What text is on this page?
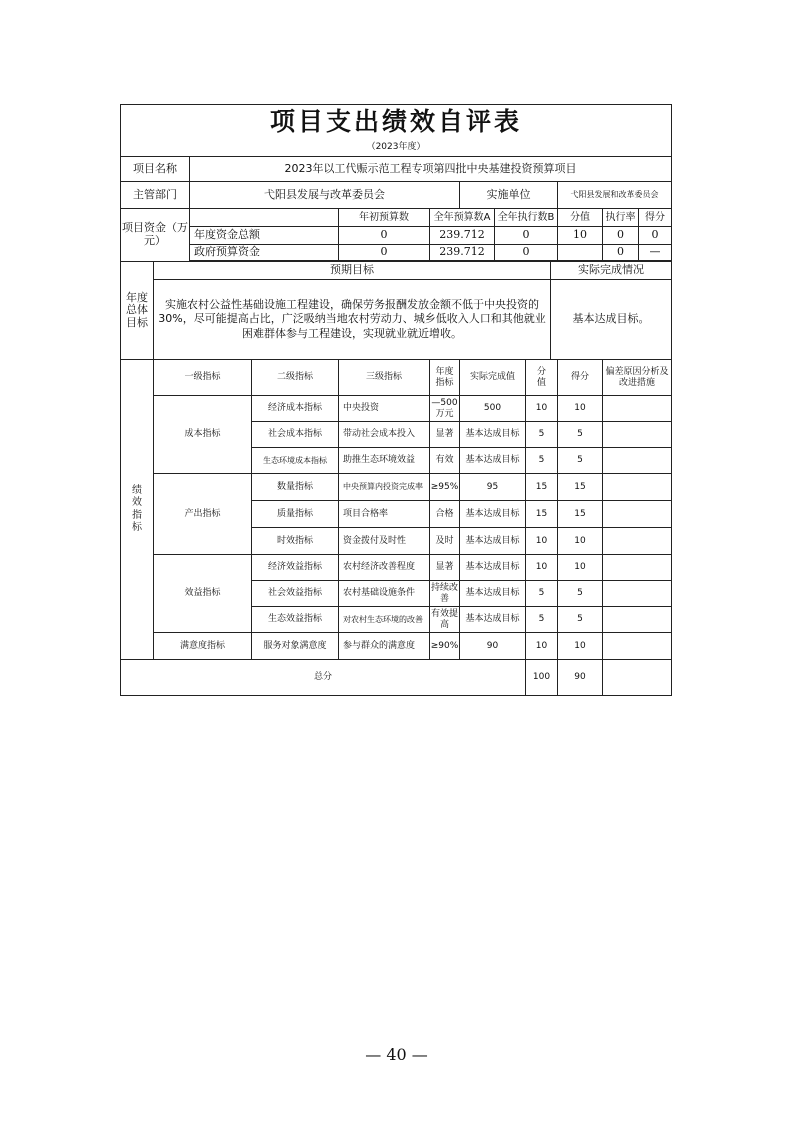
项目支出绩效自评表												
（2023年度）												
项目名称		2023年以工代赈示范工程专项第四批中央基建投资预算项目										
主管部门		弋阳县发展与改革委员会				实施单位				弋阳县发展和改革委员会		
项目资金（万元）				年初预算数	全年预算数A		全年执行数B			分值	执行率	得分
		年度资金总额		0	239.712		0			10	0	0
		政府预算资金		0	239.712		0				0	—

年度总体目标	预期目标								实际完成情况			
	实施农村公益性基础设施工程建设，确保劳务报酬发放金额不低于中央投资的30%，尽可能提高占比，广泛吸纳当地农村劳动力、城乡低收入人口和其他就业困难群体参与工程建设，实现就业就近增收。								基本达成目标。			
绩效指标	一级指标		二级指标	三级指标	年度指标	实际完成值		分值		得分	偏差原因分析及改进措施	
	成本指标		经济成本指标	中央投资	—500万元	500		10		10		
			社会成本指标	带动社会成本投入	显著	基本达成目标		5		5		
			生态环境成本指标	助推生态环境效益	有效	基本达成目标		5		5		
	产出指标		数量指标	中央预算内投资完成率	≥95%	95		15		15		
			质量指标	项目合格率	合格	基本达成目标		15		15		
			时效指标	资金拨付及时性	及时	基本达成目标		10		10		
	效益指标		经济效益指标	农村经济改善程度	显著	基本达成目标		10		10		
			社会效益指标	农村基础设施条件	持续改善	基本达成目标		5		5		
			生态效益指标	对农村生态环境的改善	有效提高	基本达成目标		5		5		
	满意度指标		服务对象满意度	参与群众的满意度	≥90%	90		10		10		
总分								100		90		
— 40 —
